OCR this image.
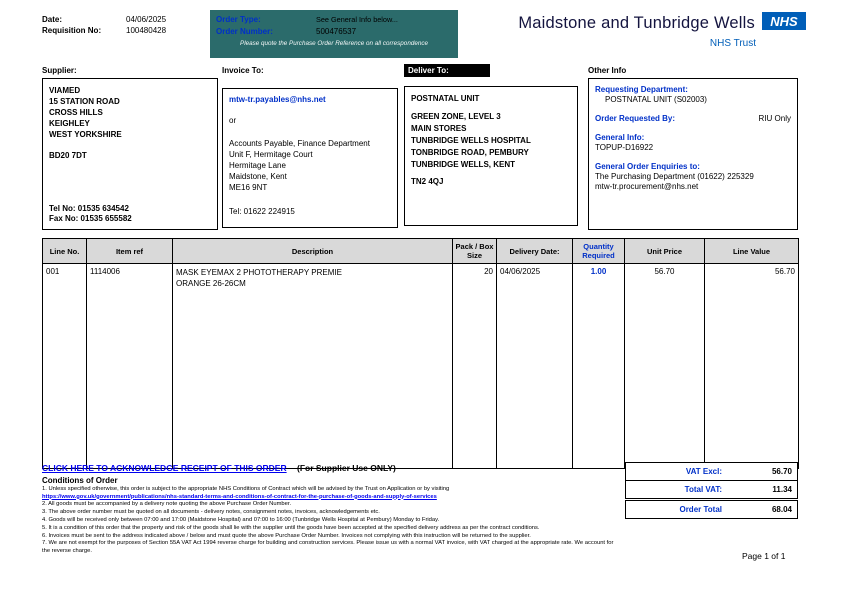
Date:	04/06/2025
Requisition No:	100480428
Order Type:	See General Info below...
Order Number:	500476537
Please quote the Purchase Order Reference on all correspondence
Maidstone and Tunbridge Wells	NHS
NHS Trust
Supplier:	Invoice To:	Deliver To:	Other Info
VIAMED
15 STATION ROAD
CROSS HILLS
KEIGHLEY
WEST YORKSHIRE
BD20 7DT
Tel No: 01535 634542
Fax No: 01535 655582
mtw-tr.payables@nhs.net
or
Accounts Payable, Finance Department
Unit F, Hermitage Court
Hermitage Lane
Maidstone, Kent
ME16 9NT
Tel: 01622 224915
POSTNATAL UNIT
GREEN ZONE, LEVEL 3
MAIN STORES
TUNBRIDGE WELLS HOSPITAL
TONBRIDGE ROAD, PEMBURY
TUNBRIDGE WELLS, KENT
TN2 4QJ
Requesting Department:
POSTNATAL UNIT (S02003)
Order Requested By:	RIU Only
General Info:
TOPUP-D16922
General Order Enquiries to:
The Purchasing Department (01622) 225329
mtw-tr.procurement@nhs.net
Line No.	Item ref	Description	Pack / Box Size	Delivery Date:	Quantity Required	Unit Price	Line Value
001	1114006	MASK EYEMAX 2 PHOTOTHERAPY PREMIE
ORANGE 26-26CM	20	04/06/2025	1.00	56.70	56.70
CLICK HERE TO ACKNOWLEDGE RECEIPT OF THIS ORDER (For Supplier Use ONLY)
Conditions of Order
1. Unless specified otherwise, this order is subject to the appropriate NHS Conditions of Contract which will be advised by the Trust on Application or by visiting
https://www.gov.uk/government/publications/nhs-standard-terms-and-conditions-of-contract-for-the-purchase-of-goods-and-supply-of-services
2. All goods must be accompanied by a delivery note quoting the above Purchase Order Number.
3. The above order number must be quoted on all documents - delivery notes, consignment notes, invoices, acknowledgements etc.
4. Goods will be received only between 07:00 and 17:00 (Maidstone Hospital) and 07:00 to 16:00 (Tunbridge Wells Hospital at Pembury) Monday to Friday.
5. It is a condition of this order that the property and risk of the goods shall lie with the supplier until the goods have been accepted at the specified delivery address as per the contract conditions.
6. Invoices must be sent to the address indicated above / below and must quote the above Purchase Order Number. Invoices not complying with this instruction will be returned to the supplier.
7. We are not exempt for the purposes of Section 55A VAT Act 1994 reverse charge for building and construction services. Please issue us with a normal VAT invoice, with VAT charged at the appropriate rate. We account for the reverse charge.
VAT Excl:	56.70
Total VAT:	11.34
Order Total	68.04
Page 1 of 1
